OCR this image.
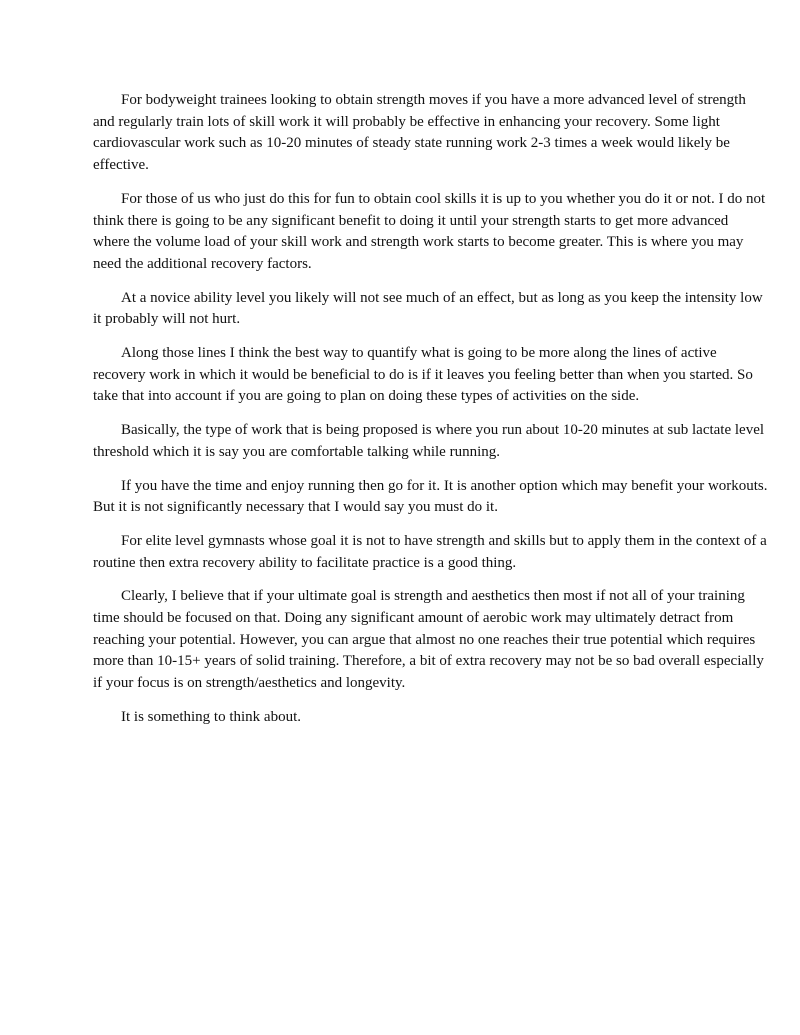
For bodyweight trainees looking to obtain strength moves if you have a more advanced level of strength and regularly train lots of skill work it will probably be effective in enhancing your recovery. Some light cardiovascular work such as 10-20 minutes of steady state running work 2-3 times a week would likely be effective.

For those of us who just do this for fun to obtain cool skills it is up to you whether you do it or not. I do not think there is going to be any significant benefit to doing it until your strength starts to get more advanced where the volume load of your skill work and strength work starts to become greater. This is where you may need the additional recovery factors.

At a novice ability level you likely will not see much of an effect, but as long as you keep the intensity low it probably will not hurt.

Along those lines I think the best way to quantify what is going to be more along the lines of active recovery work in which it would be beneficial to do is if it leaves you feeling better than when you started. So take that into account if you are going to plan on doing these types of activities on the side.

Basically, the type of work that is being proposed is where you run about 10-20 minutes at sub lactate level threshold which it is say you are comfortable talking while running.

If you have the time and enjoy running then go for it. It is another option which may benefit your workouts. But it is not significantly necessary that I would say you must do it.

For elite level gymnasts whose goal it is not to have strength and skills but to apply them in the context of a routine then extra recovery ability to facilitate practice is a good thing.

Clearly, I believe that if your ultimate goal is strength and aesthetics then most if not all of your training time should be focused on that. Doing any significant amount of aerobic work may ultimately detract from reaching your potential. However, you can argue that almost no one reaches their true potential which requires more than 10-15+ years of solid training. Therefore, a bit of extra recovery may not be so bad overall especially if your focus is on strength/aesthetics and longevity.

It is something to think about.
